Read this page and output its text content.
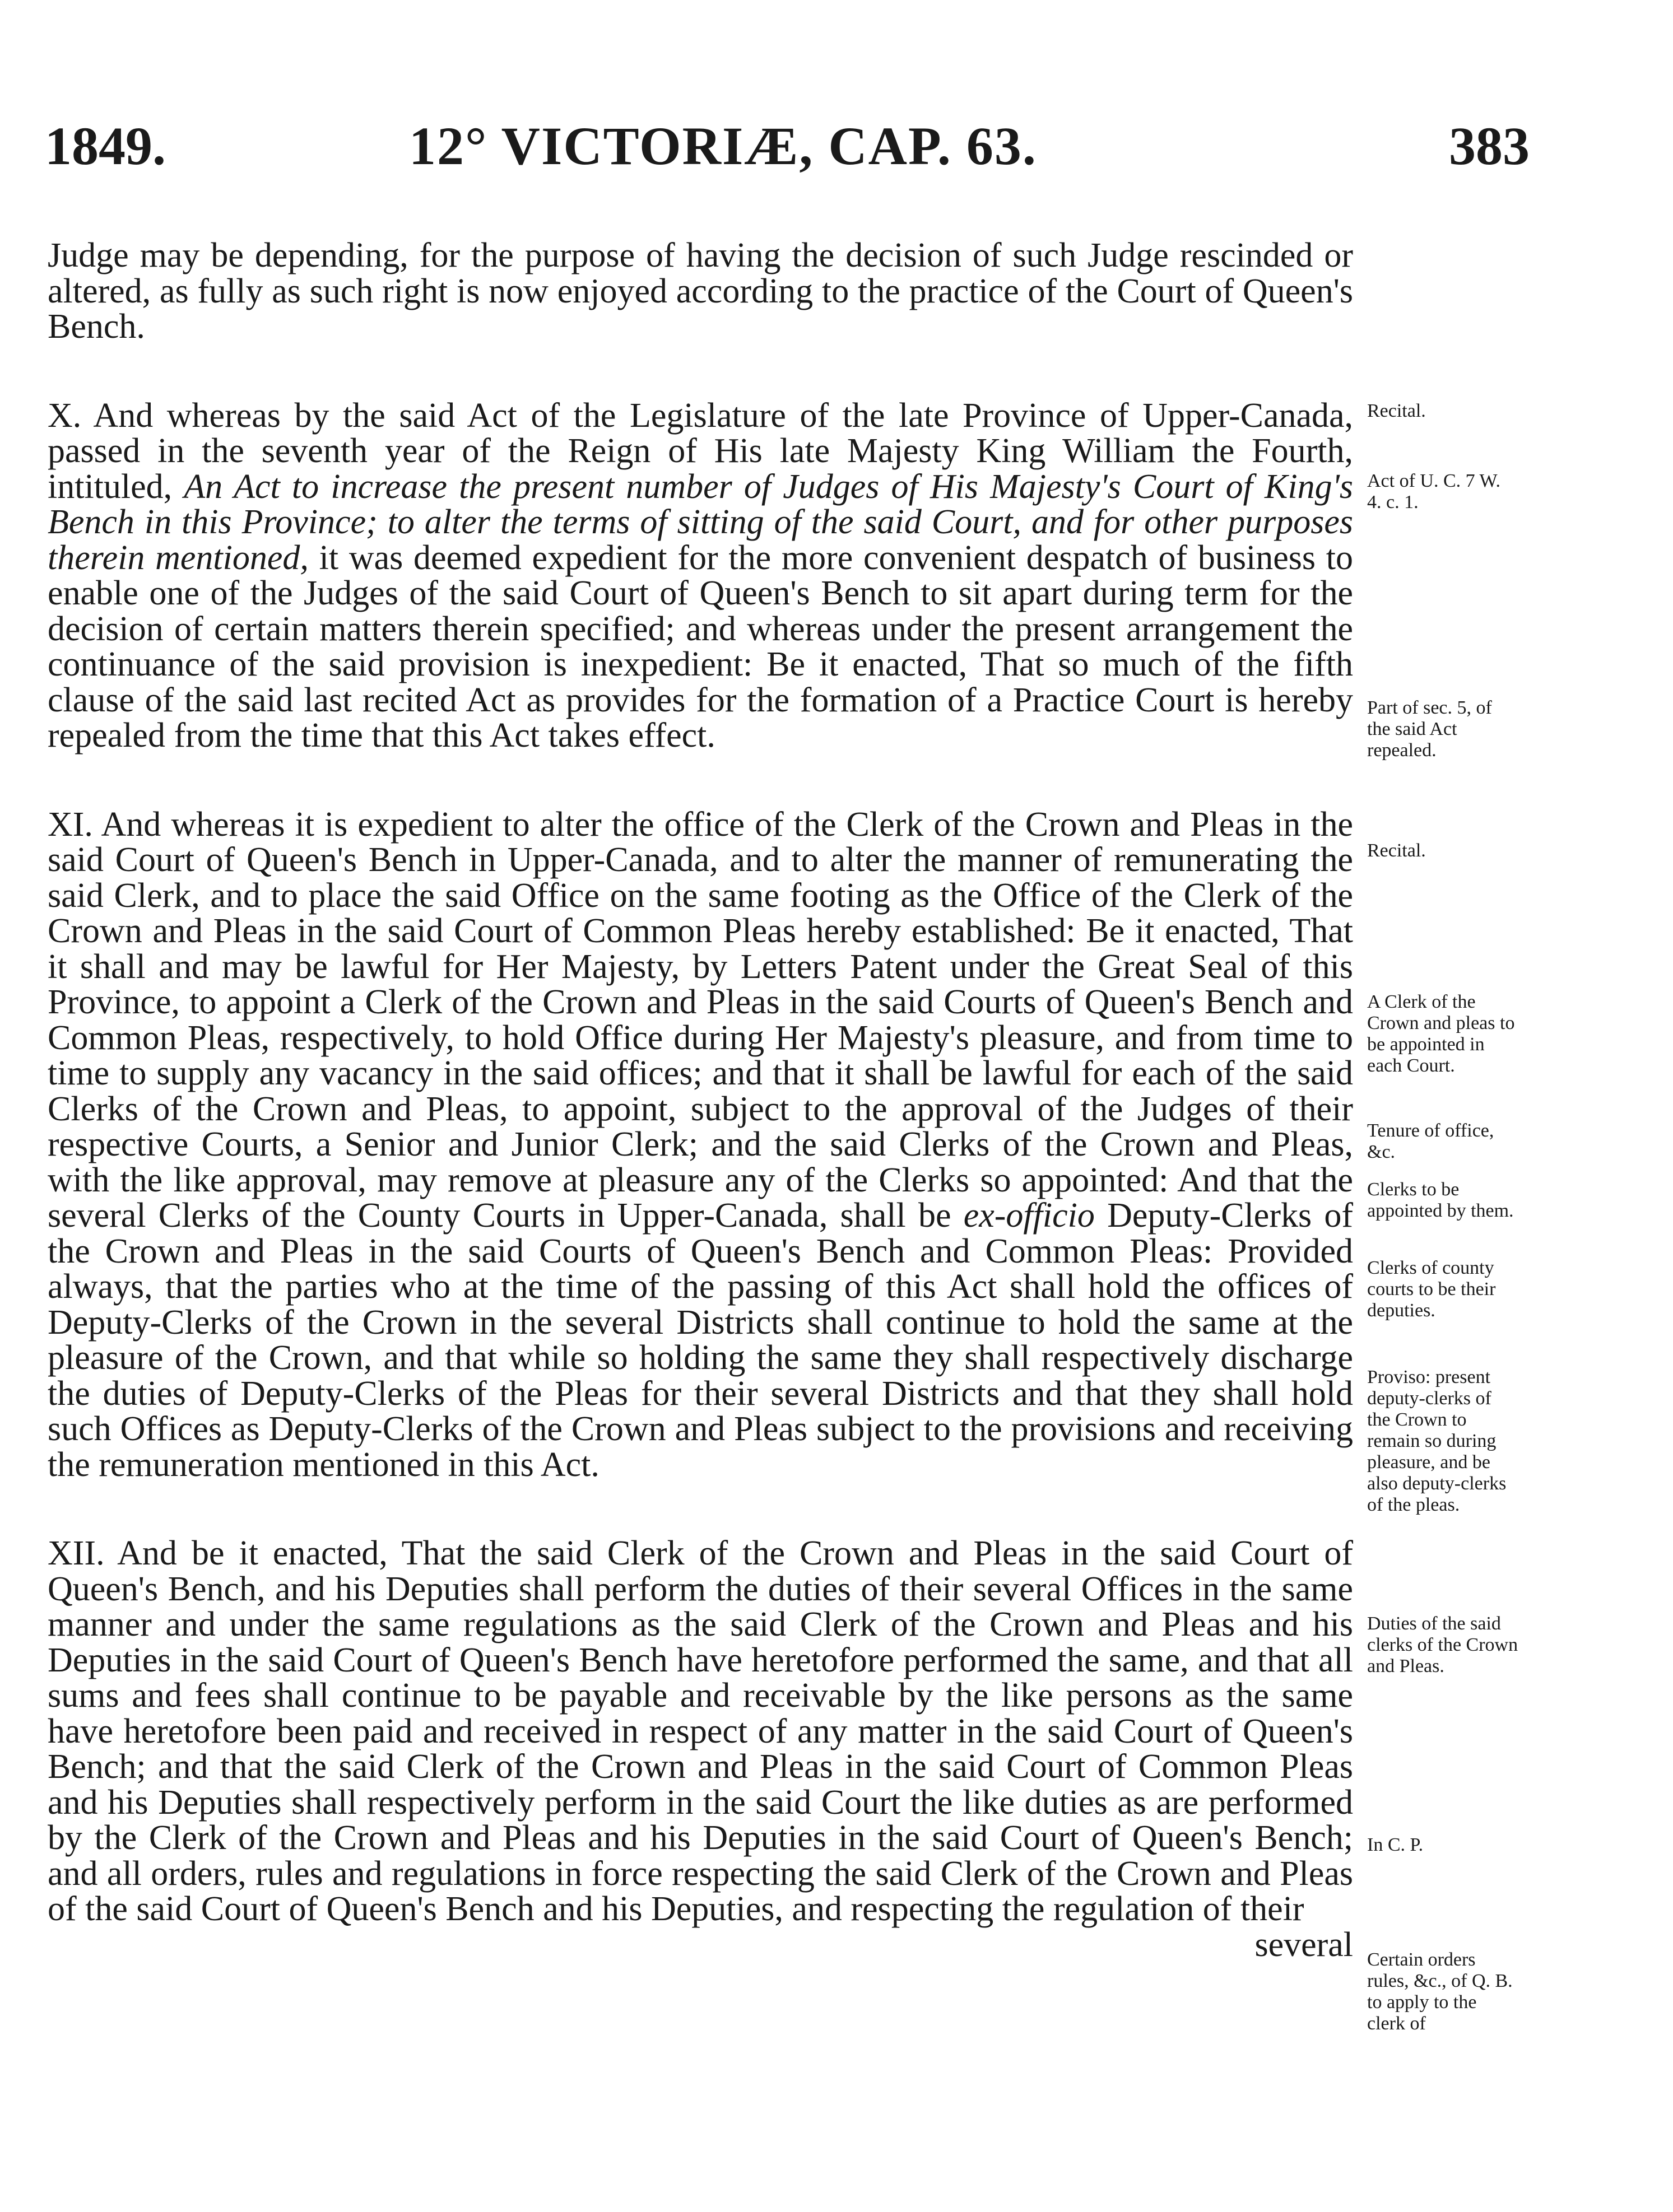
1849.	12° VICTORIÆ, CAP. 63.	383

Judge may be depending, for the purpose of having the decision of such Judge rescinded or altered, as fully as such right is now enjoyed according to the practice of the Court of Queen's Bench.

X. And whereas by the said Act of the Legislature of the late Province of Upper-Canada, passed in the seventh year of the Reign of His late Majesty King William the Fourth, intituled, An Act to increase the present number of Judges of His Majesty's Court of King's Bench in this Province; to alter the terms of sitting of the said Court, and for other purposes therein mentioned, it was deemed expedient for the more convenient despatch of business to enable one of the Judges of the said Court of Queen's Bench to sit apart during term for the decision of certain matters therein specified; and whereas under the present arrangement the continuance of the said provision is inexpedient: Be it enacted, That so much of the fifth clause of the said last recited Act as provides for the formation of a Practice Court is hereby repealed from the time that this Act takes effect.

XI. And whereas it is expedient to alter the office of the Clerk of the Crown and Pleas in the said Court of Queen's Bench in Upper-Canada, and to alter the manner of remunerating the said Clerk, and to place the said Office on the same footing as the Office of the Clerk of the Crown and Pleas in the said Court of Common Pleas hereby established: Be it enacted, That it shall and may be lawful for Her Majesty, by Letters Patent under the Great Seal of this Province, to appoint a Clerk of the Crown and Pleas in the said Courts of Queen's Bench and Common Pleas, respectively, to hold Office during Her Majesty's pleasure, and from time to time to supply any vacancy in the said offices; and that it shall be lawful for each of the said Clerks of the Crown and Pleas, to appoint, subject to the approval of the Judges of their respective Courts, a Senior and Junior Clerk; and the said Clerks of the Crown and Pleas, with the like approval, may remove at pleasure any of the Clerks so appointed: And that the several Clerks of the County Courts in Upper-Canada, shall be ex-officio Deputy-Clerks of the Crown and Pleas in the said Courts of Queen's Bench and Common Pleas: Provided always, that the parties who at the time of the passing of this Act shall hold the offices of Deputy-Clerks of the Crown in the several Districts shall continue to hold the same at the pleasure of the Crown, and that while so holding the same they shall respectively discharge the duties of Deputy-Clerks of the Pleas for their several Districts and that they shall hold such Offices as Deputy-Clerks of the Crown and Pleas subject to the provisions and receiving the remuneration mentioned in this Act.

XII. And be it enacted, That the said Clerk of the Crown and Pleas in the said Court of Queen's Bench, and his Deputies shall perform the duties of their several Offices in the same manner and under the same regulations as the said Clerk of the Crown and Pleas and his Deputies in the said Court of Queen's Bench have heretofore performed the same, and that all sums and fees shall continue to be payable and receivable by the like persons as the same have heretofore been paid and received in respect of any matter in the said Court of Queen's Bench; and that the said Clerk of the Crown and Pleas in the said Court of Common Pleas and his Deputies shall respectively perform in the said Court the like duties as are performed by the Clerk of the Crown and Pleas and his Deputies in the said Court of Queen's Bench; and all orders, rules and regulations in force respecting the said Clerk of the Crown and Pleas of the said Court of Queen's Bench and his Deputies, and respecting the regulation of their

several

Recital.
Act of U. C. 7 W. 4. c. 1.
Part of sec. 5, of the said Act repealed.
Recital.
A Clerk of the Crown and pleas to be appointed in each Court.
Tenure of office, &c.
Clerks to be appointed by them.
Clerks of county courts to be their deputies.
Proviso: present deputy-clerks of the Crown to remain so during pleasure, and be also deputy-clerks of the pleas.
Duties of the said clerks of the Crown and Pleas.
In C. P.
Certain orders rules, &c., of Q. B. to apply to the clerk of
